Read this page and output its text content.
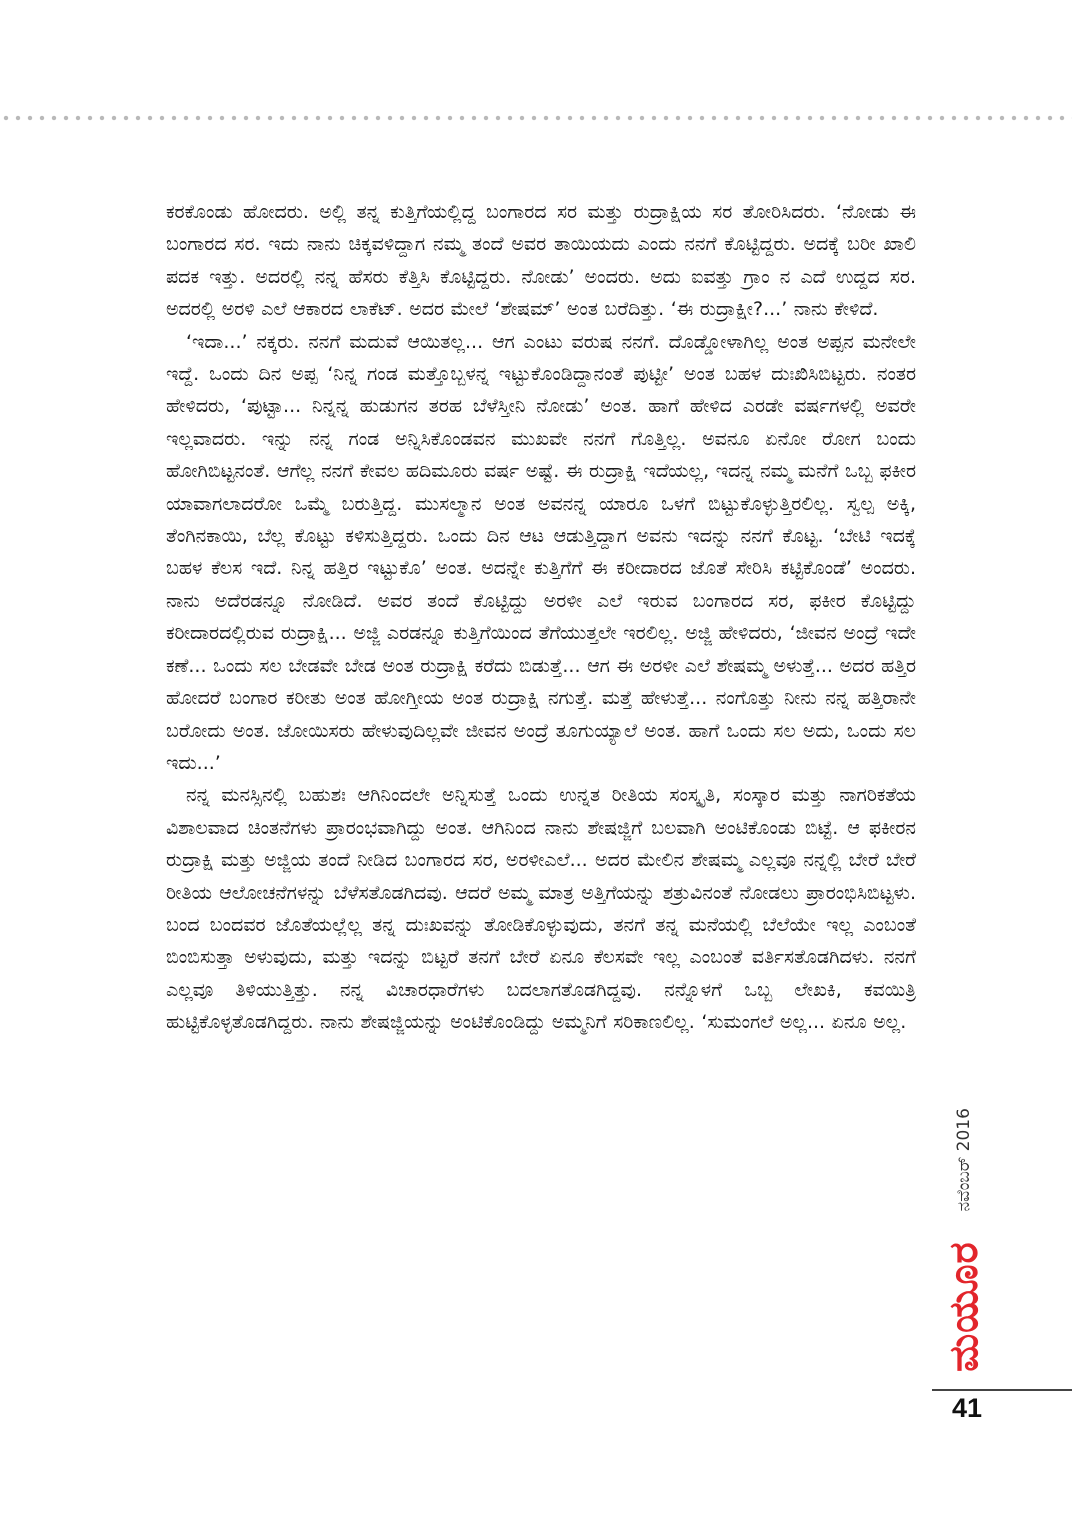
ಕರಕೊಂಡು ಹೋದರು. ಅಲ್ಲಿ ತನ್ನ ಕುತ್ತಿಗೆಯಲ್ಲಿದ್ದ ಬಂಗಾರದ ಸರ ಮತ್ತು ರುದ್ರಾಕ್ಷಿಯ ಸರ ತೋರಿಸಿದರು. ‘ನೋಡು ಈ ಬಂಗಾರದ ಸರ. ಇದು ನಾನು ಚಿಕ್ಕವಳಿದ್ದಾಗ ನಮ್ಮ ತಂದೆ ಅವರ ತಾಯಿಯದು ಎಂದು ನನಗೆ ಕೊಟ್ಟಿದ್ದರು. ಅದಕ್ಕೆ ಬರೀ ಖಾಲಿ ಪದಕ ಇತ್ತು. ಅದರಲ್ಲಿ ನನ್ನ ಹೆಸರು ಕೆತ್ತಿಸಿ ಕೊಟ್ಟಿದ್ದರು. ನೋಡು’ ಅಂದರು. ಅದು ಐವತ್ತು ಗ್ರಾಂ ನ ಎದೆ ಉದ್ದದ ಸರ. ಅದರಲ್ಲಿ ಅರಳಿ ಎಲೆ ಆಕಾರದ ಲಾಕೆಟ್. ಅದರ ಮೇಲೆ ‘ಶೇಷಮ್’ ಅಂತ ಬರೆದಿತ್ತು. ‘ಈ ರುದ್ರಾಕ್ಷೀ?...’ ನಾನು ಕೇಳಿದೆ.

‘ಇದಾ...’ ನಕ್ಕರು. ನನಗೆ ಮದುವೆ ಆಯಿತಲ್ಲ... ಆಗ ಎಂಟು ವರುಷ ನನಗೆ. ದೊಡ್ಡೋಳಾಗಿಲ್ಲ ಅಂತ ಅಪ್ಪನ ಮನೇಲೇ ಇದ್ದೆ. ಒಂದು ದಿನ ಅಪ್ಪ ‘ನಿನ್ನ ಗಂಡ ಮತ್ತೊಬ್ಬಳನ್ನ ಇಟ್ಟುಕೊಂಡಿದ್ದಾನಂತೆ ಪುಟ್ಟೀ’ ಅಂತ ಬಹಳ ದುಃಖಿಸಿಬಿಟ್ಟರು. ನಂತರ ಹೇಳಿದರು, ‘ಪುಟ್ಟಾ... ನಿನ್ನನ್ನ ಹುಡುಗನ ತರಹ ಬೆಳೆಸ್ತೀನಿ ನೋಡು’ ಅಂತ. ಹಾಗೆ ಹೇಳಿದ ಎರಡೇ ವರ್ಷಗಳಲ್ಲಿ ಅವರೇ ಇಲ್ಲವಾದರು. ಇನ್ನು ನನ್ನ ಗಂಡ ಅನ್ನಿಸಿಕೊಂಡವನ ಮುಖವೇ ನನಗೆ ಗೊತ್ತಿಲ್ಲ. ಅವನೂ ಏನೋ ರೋಗ ಬಂದು ಹೋಗಿಬಿಟ್ಟನಂತೆ. ಆಗೆಲ್ಲ ನನಗೆ ಕೇವಲ ಹದಿಮೂರು ವರ್ಷ ಅಷ್ಟೆ. ಈ ರುದ್ರಾಕ್ಷಿ ಇದೆಯಲ್ಲ, ಇದನ್ನ ನಮ್ಮ ಮನೆಗೆ ಒಬ್ಬ ಫಕೀರ ಯಾವಾಗಲಾದರೋ ಒಮ್ಮೆ ಬರುತ್ತಿದ್ದ. ಮುಸಲ್ಮಾನ ಅಂತ ಅವನನ್ನ ಯಾರೂ ಒಳಗೆ ಬಿಟ್ಟುಕೊಳ್ಳುತ್ತಿರಲಿಲ್ಲ. ಸ್ವಲ್ಪ ಅಕ್ಕಿ, ತೆಂಗಿನಕಾಯಿ, ಬೆಲ್ಲ ಕೊಟ್ಟು ಕಳಿಸುತ್ತಿದ್ದರು. ಒಂದು ದಿನ ಆಟ ಆಡುತ್ತಿದ್ದಾಗ ಅವನು ಇದನ್ನು ನನಗೆ ಕೊಟ್ಟ. ‘ಬೇಟಿ ಇದಕ್ಕೆ ಬಹಳ ಕೆಲಸ ಇದೆ. ನಿನ್ನ ಹತ್ತಿರ ಇಟ್ಟುಕೊ’ ಅಂತ. ಅದನ್ನೇ ಕುತ್ತಿಗೆಗೆ ಈ ಕರೀದಾರದ ಜೊತೆ ಸೇರಿಸಿ ಕಟ್ಟಿಕೊಂಡೆ’ ಅಂದರು. ನಾನು ಅದೆರಡನ್ನೂ ನೋಡಿದೆ. ಅವರ ತಂದೆ ಕೊಟ್ಟಿದ್ದು ಅರಳೀ ಎಲೆ ಇರುವ ಬಂಗಾರದ ಸರ, ಫಕೀರ ಕೊಟ್ಟಿದ್ದು ಕರೀದಾರದಲ್ಲಿರುವ ರುದ್ರಾಕ್ಷಿ... ಅಜ್ಜಿ ಎರಡನ್ನೂ ಕುತ್ತಿಗೆಯಿಂದ ತೆಗೆಯುತ್ತಲೇ ಇರಲಿಲ್ಲ. ಅಜ್ಜಿ ಹೇಳಿದರು, ‘ಜೀವನ ಅಂದ್ರೆ ಇದೇ ಕಣೆ... ಒಂದು ಸಲ ಬೇಡವೇ ಬೇಡ ಅಂತ ರುದ್ರಾಕ್ಷಿ ಕರೆದು ಬಿಡುತ್ತೆ... ಆಗ ಈ ಅರಳೀ ಎಲೆ ಶೇಷಮ್ಮ ಅಳುತ್ತೆ... ಅದರ ಹತ್ತಿರ ಹೋದರೆ ಬಂಗಾರ ಕರೀತು ಅಂತ ಹೋಗ್ತೀಯ ಅಂತ ರುದ್ರಾಕ್ಷಿ ನಗುತ್ತೆ. ಮತ್ತೆ ಹೇಳುತ್ತೆ... ನಂಗೊತ್ತು ನೀನು ನನ್ನ ಹತ್ತಿರಾನೇ ಬರೋದು ಅಂತ. ಜೋಯಿಸರು ಹೇಳುವುದಿಲ್ಲವೇ ಜೀವನ ಅಂದ್ರೆ ತೂಗುಯ್ಯಾಲೆ ಅಂತ. ಹಾಗೆ ಒಂದು ಸಲ ಅದು, ಒಂದು ಸಲ ಇದು...’

ನನ್ನ ಮನಸ್ಸಿನಲ್ಲಿ ಬಹುಶಃ ಆಗಿನಿಂದಲೇ ಅನ್ನಿಸುತ್ತೆ ಒಂದು ಉನ್ನತ ರೀತಿಯ ಸಂಸ್ಕೃತಿ, ಸಂಸ್ಕಾರ ಮತ್ತು ನಾಗರಿಕತೆಯ ವಿಶಾಲವಾದ ಚಿಂತನೆಗಳು ಪ್ರಾರಂಭವಾಗಿದ್ದು ಅಂತ. ಆಗಿನಿಂದ ನಾನು ಶೇಷಜ್ಜಿಗೆ ಬಲವಾಗಿ ಅಂಟಿಕೊಂಡು ಬಿಟ್ಟೆ. ಆ ಫಕೀರನ ರುದ್ರಾಕ್ಷಿ ಮತ್ತು ಅಜ್ಜಿಯ ತಂದೆ ನೀಡಿದ ಬಂಗಾರದ ಸರ, ಅರಳೀಎಲೆ... ಅದರ ಮೇಲಿನ ಶೇಷಮ್ಮ ಎಲ್ಲವೂ ನನ್ನಲ್ಲಿ ಬೇರೆ ಬೇರೆ ರೀತಿಯ ಆಲೋಚನೆಗಳನ್ನು ಬೆಳೆಸತೊಡಗಿದವು. ಆದರೆ ಅಮ್ಮ ಮಾತ್ರ ಅತ್ತಿಗೆಯನ್ನು ಶತ್ರುವಿನಂತೆ ನೋಡಲು ಪ್ರಾರಂಭಿಸಿಬಿಟ್ಟಳು. ಬಂದ ಬಂದವರ ಜೊತೆಯಲ್ಲೆಲ್ಲ ತನ್ನ ದುಃಖವನ್ನು ತೋಡಿಕೊಳ್ಳುವುದು, ತನಗೆ ತನ್ನ ಮನೆಯಲ್ಲಿ ಬೆಲೆಯೇ ಇಲ್ಲ ಎಂಬಂತೆ ಬಿಂಬಿಸುತ್ತಾ ಅಳುವುದು, ಮತ್ತು ಇದನ್ನು ಬಿಟ್ಟರೆ ತನಗೆ ಬೇರೆ ಏನೂ ಕೆಲಸವೇ ಇಲ್ಲ ಎಂಬಂತೆ ವರ್ತಿಸತೊಡಗಿದಳು. ನನಗೆ ಎಲ್ಲವೂ ತಿಳಿಯುತ್ತಿತ್ತು. ನನ್ನ ವಿಚಾರಧಾರೆಗಳು ಬದಲಾಗತೊಡಗಿದ್ದವು. ನನ್ನೊಳಗೆ ಒಬ್ಬ ಲೇಖಕಿ, ಕವಯಿತ್ರಿ ಹುಟ್ಟಿಕೊಳ್ಳತೊಡಗಿದ್ದರು. ನಾನು ಶೇಷಜ್ಜಿಯನ್ನು ಅಂಟಿಕೊಂಡಿದ್ದು ಅಮ್ಮನಿಗೆ ಸರಿಕಾಣಲಿಲ್ಲ. ‘ಸುಮಂಗಲೆ ಅಲ್ಲ... ಏನೂ ಅಲ್ಲ.

ಮಯೂರ
ನವೆಂಬರ್ 2016
41
